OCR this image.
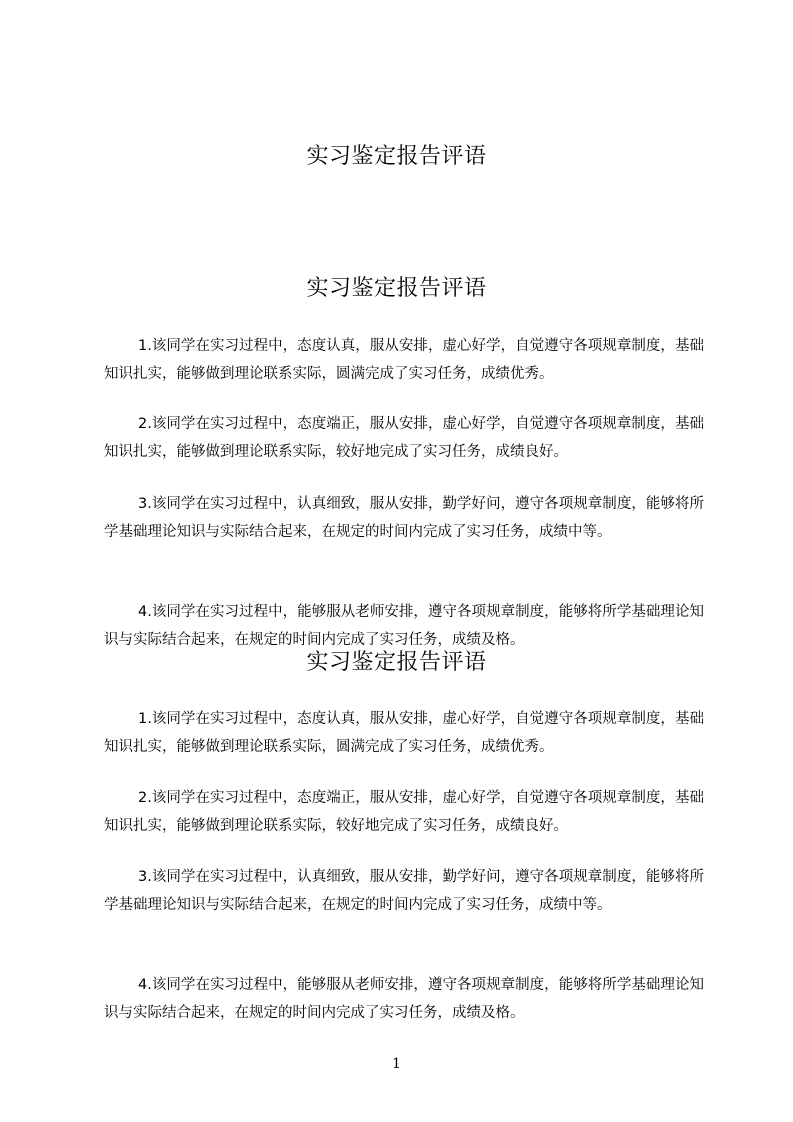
实习鉴定报告评语
实习鉴定报告评语
1.该同学在实习过程中，态度认真，服从安排，虚心好学，自觉遵守各项规章制度，基础知识扎实，能够做到理论联系实际，圆满完成了实习任务，成绩优秀。
2.该同学在实习过程中，态度端正，服从安排，虚心好学，自觉遵守各项规章制度，基础知识扎实，能够做到理论联系实际，较好地完成了实习任务，成绩良好。
3.该同学在实习过程中，认真细致，服从安排，勤学好问，遵守各项规章制度，能够将所学基础理论知识与实际结合起来，在规定的时间内完成了实习任务，成绩中等。
4.该同学在实习过程中，能够服从老师安排，遵守各项规章制度，能够将所学基础理论知识与实际结合起来，在规定的时间内完成了实习任务，成绩及格。
实习鉴定报告评语
1.该同学在实习过程中，态度认真，服从安排，虚心好学，自觉遵守各项规章制度，基础知识扎实，能够做到理论联系实际，圆满完成了实习任务，成绩优秀。
2.该同学在实习过程中，态度端正，服从安排，虚心好学，自觉遵守各项规章制度，基础知识扎实，能够做到理论联系实际，较好地完成了实习任务，成绩良好。
3.该同学在实习过程中，认真细致，服从安排，勤学好问，遵守各项规章制度，能够将所学基础理论知识与实际结合起来，在规定的时间内完成了实习任务，成绩中等。
4.该同学在实习过程中，能够服从老师安排，遵守各项规章制度，能够将所学基础理论知识与实际结合起来，在规定的时间内完成了实习任务，成绩及格。
1
